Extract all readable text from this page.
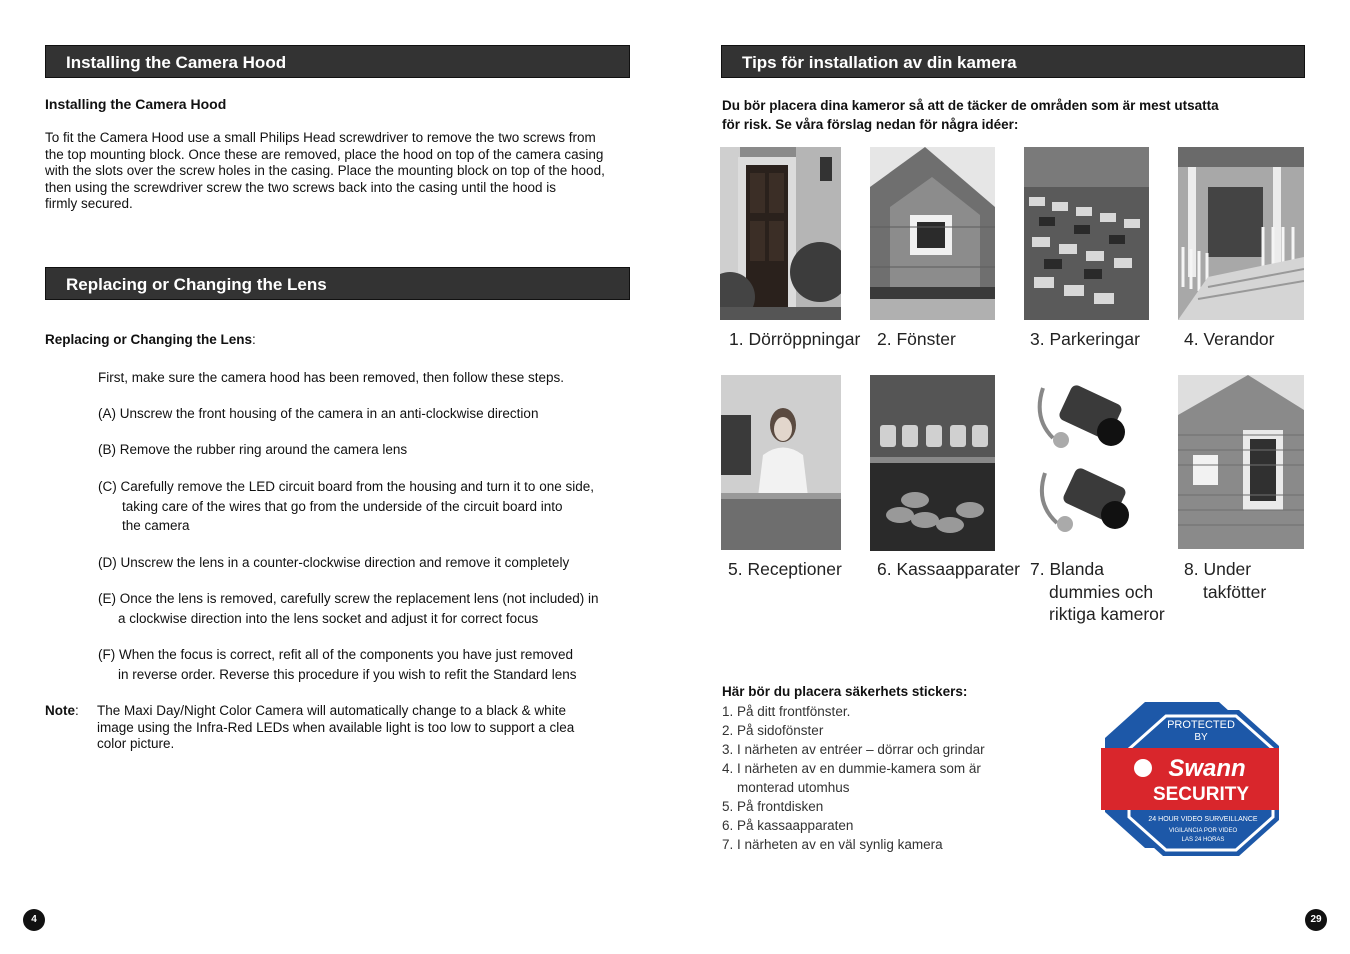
Installing the Camera Hood
Installing the Camera Hood
To fit the Camera Hood use a small Philips Head screwdriver to remove the two screws from
the top mounting block. Once these are removed, place the hood on top of the camera casing
with the slots over the screw holes in the casing. Place the mounting block on top of the hood,
then using the screwdriver screw the two screws back into the casing until the hood is
firmly secured.
Replacing or Changing the Lens
Replacing or Changing the Lens:
First, make sure the camera hood has been removed, then follow these steps.
(A) Unscrew the front housing of the camera in an anti-clockwise direction
(B) Remove the rubber ring around the camera lens
(C) Carefully remove the LED circuit board from the housing and turn it to one side,
taking care of the wires that go from the underside of the circuit board into
the camera
(D) Unscrew the lens in a counter-clockwise direction and remove it completely
(E) Once the lens is removed, carefully screw the replacement lens (not included) in
a clockwise direction into the lens socket and adjust it for correct focus
(F) When the focus is correct, refit all of the components you have just removed
in reverse order. Reverse this procedure if you wish to refit the Standard lens
Note: The Maxi Day/Night Color Camera will automatically change to a black & white
image using the Infra-Red LEDs when available light is too low to support a clea
color picture.
4
Tips för installation av din kamera
Du bör placera dina kameror så att de täcker de områden som är mest utsatta
för risk. Se våra förslag nedan för några idéer:
1. Dörröppningar 2. Fönster	3. Parkeringar	4. Verandor
5. Receptioner 6. Kassaapparater 7. Blanda
dummies och
riktiga kameror
8. Under
takfötter
Här bör du placera säkerhets stickers:
1. På ditt frontfönster.
2. På sidofönster
3. I närheten av entréer – dörrar och grindar
4. I närheten av en dummie-kamera som är
monterad utomhus
5. På frontdisken
6. På kassaapparaten
7. I närheten av en väl synlig kamera
PROTECTED
BY
Swann
SECURITY
24 HOUR VIDEO SURVEILLANCE
VIGILANCIA POR VIDEO
LAS 24 HORAS
29
